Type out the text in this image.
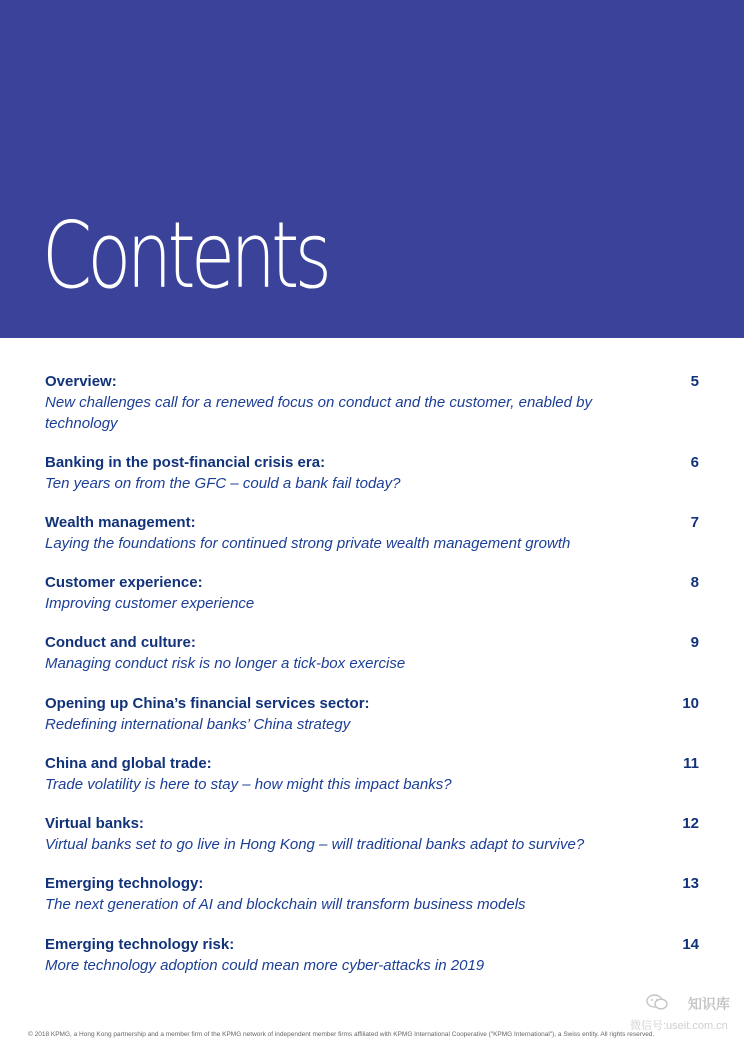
Contents
Overview:
New challenges call for a renewed focus on conduct and the customer, enabled by technology
5
Banking in the post-financial crisis era:
Ten years on from the GFC – could a bank fail today?
6
Wealth management:
Laying the foundations for continued strong private wealth management growth
7
Customer experience:
Improving customer experience
8
Conduct and culture:
Managing conduct risk is no longer a tick-box exercise
9
Opening up China’s financial services sector:
Redefining international banks’ China strategy
10
China and global trade:
Trade volatility is here to stay – how might this impact banks?
11
Virtual banks:
Virtual banks set to go live in Hong Kong – will traditional banks adapt to survive?
12
Emerging technology:
The next generation of AI and blockchain will transform business models
13
Emerging technology risk:
More technology adoption could mean more cyber-attacks in 2019
14
知识库
微信号:useit.com.cn
© 2018 KPMG, a Hong Kong partnership and a member firm of the KPMG network of independent member firms affiliated with KPMG International Cooperative ("KPMG International"), a Swiss entity. All rights reserved.
